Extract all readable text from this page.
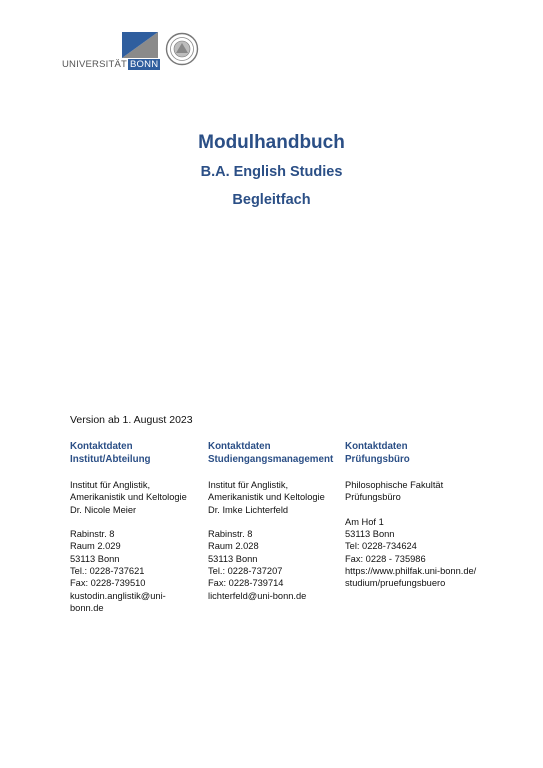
UNIVERSITÄT BONN
Modulhandbuch
B.A. English Studies
Begleitfach
Version ab 1. August 2023
Kontaktdaten
Institut/Abteilung
Institut für Anglistik,
Amerikanistik und Keltologie
Dr. Nicole Meier
Rabinstr. 8
Raum 2.029
53113 Bonn
Tel.: 0228-737621
Fax: 0228-739510
kustodin.anglistik@uni-
bonn.de
Kontaktdaten
Studiengangsmanagement
Institut für Anglistik,
Amerikanistik und Keltologie
Dr. Imke Lichterfeld
Rabinstr. 8
Raum 2.028
53113 Bonn
Tel.: 0228-737207
Fax: 0228-739714
lichterfeld@uni-bonn.de
Kontaktdaten
Prüfungsbüro
Philosophische Fakultät
Prüfungsbüro
Am Hof 1
53113 Bonn
Tel: 0228-734624
Fax: 0228 - 735986
https://www.philfak.uni-bonn.de/
studium/pruefungsbuero
